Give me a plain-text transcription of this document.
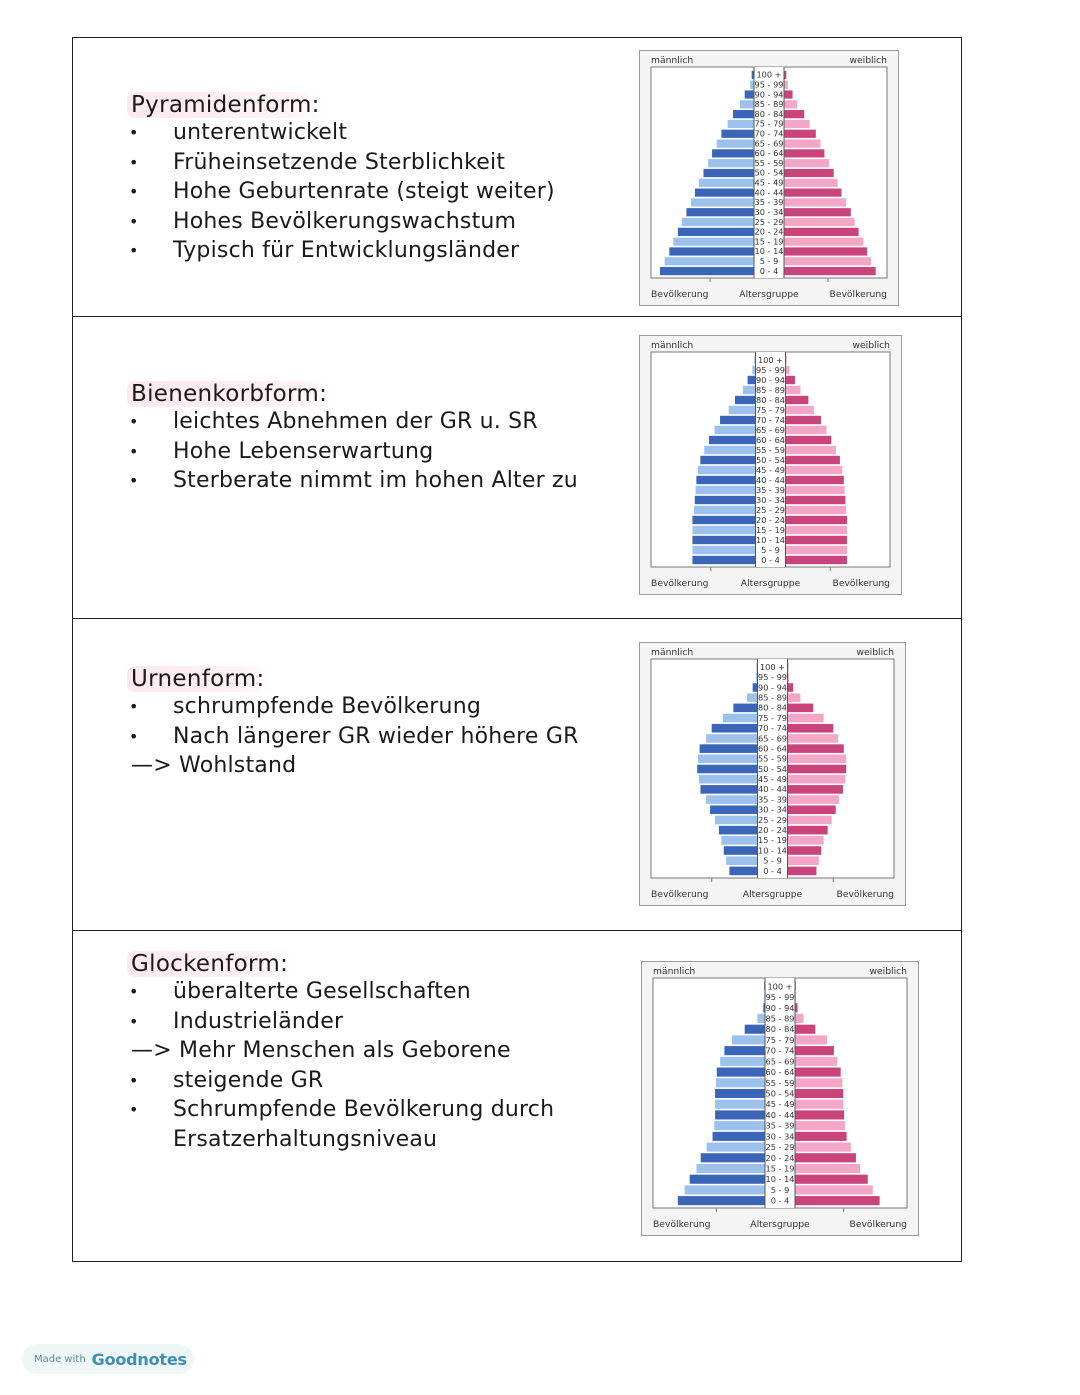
Pyramidenform:
• unterentwickelt
• Früheinsetzende Sterblichkeit
• Hohe Geburtenrate (steigt weiter)
• Hohes Bevölkerungswachstum
• Typisch für Entwicklungsländer
Bienenkorbform:
• leichtes Abnehmen der GR u. SR
• Hohe Lebenserwartung
• Sterberate nimmt im hohen Alter zu
Urnenform:
• schrumpfende Bevölkerung
• Nach längerer GR wieder höhere GR
—> Wohlstand
Glockenform:
• überalterte Gesellschaften
• Industrieländer
—> Mehr Menschen als Geborene
• steigende GR
• Schrumpfende Bevölkerung durch
Ersatzerhaltungsniveau
männlich	weiblich
100 +
95 - 99
90 - 94
85 - 89
80 - 84
75 - 79
70 - 74
65 - 69
60 - 64
55 - 59
50 - 54
45 - 49
40 - 44
35 - 39
30 - 34
25 - 29
20 - 24
15 - 19
10 - 14
5 - 9
0 - 4
Bevölkerung	Altersgruppe	Bevölkerung
männlich	weiblich
100 +
95 - 99
90 - 94
85 - 89
80 - 84
75 - 79
70 - 74
65 - 69
60 - 64
55 - 59
50 - 54
45 - 49
40 - 44
35 - 39
30 - 34
25 - 29
20 - 24
15 - 19
10 - 14
5 - 9
0 - 4
Bevölkerung	Altersgruppe	Bevölkerung
männlich	weiblich
100 +
95 - 99
90 - 94
85 - 89
80 - 84
75 - 79
70 - 74
65 - 69
60 - 64
55 - 59
50 - 54
45 - 49
40 - 44
35 - 39
30 - 34
25 - 29
20 - 24
15 - 19
10 - 14
5 - 9
0 - 4
Bevölkerung	Altersgruppe	Bevölkerung
männlich	weiblich
100 +
95 - 99
90 - 94
85 - 89
80 - 84
75 - 79
70 - 74
65 - 69
60 - 64
55 - 59
50 - 54
45 - 49
40 - 44
35 - 39
30 - 34
25 - 29
20 - 24
15 - 19
10 - 14
5 - 9
0 - 4
Bevölkerung	Altersgruppe	Bevölkerung
Made with Goodnotes
